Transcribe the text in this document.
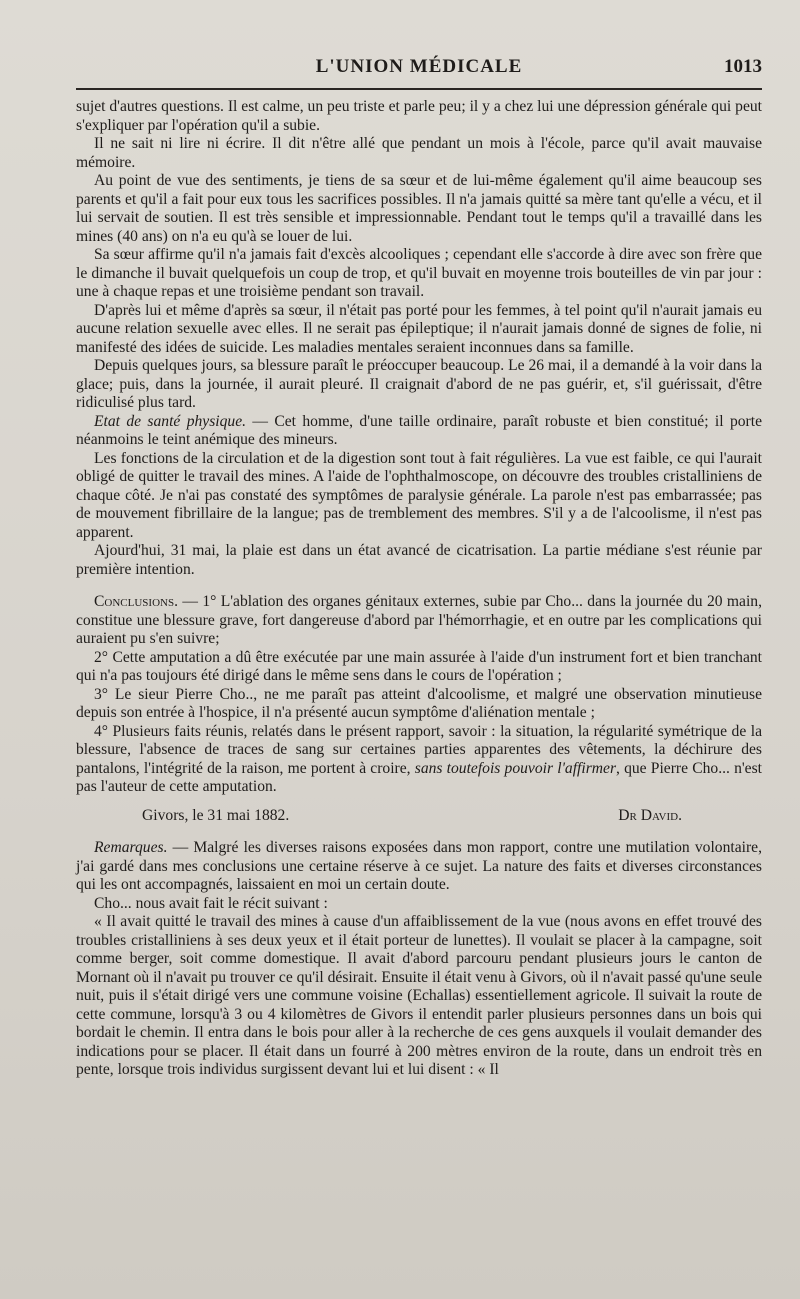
L'UNION MÉDICALE	1013

sujet d'autres questions. Il est calme, un peu triste et parle peu; il y a chez lui une dépression générale qui peut s'expliquer par l'opération qu'il a subie.

Il ne sait ni lire ni écrire. Il dit n'être allé que pendant un mois à l'école, parce qu'il avait mauvaise mémoire.

Au point de vue des sentiments, je tiens de sa sœur et de lui-même également qu'il aime beaucoup ses parents et qu'il a fait pour eux tous les sacrifices possibles. Il n'a jamais quitté sa mère tant qu'elle a vécu, et il lui servait de soutien. Il est très sensible et impressionnable. Pendant tout le temps qu'il a travaillé dans les mines (40 ans) on n'a eu qu'à se louer de lui.

Sa sœur affirme qu'il n'a jamais fait d'excès alcooliques ; cependant elle s'accorde à dire avec son frère que le dimanche il buvait quelquefois un coup de trop, et qu'il buvait en moyenne trois bouteilles de vin par jour : une à chaque repas et une troisième pendant son travail.

D'après lui et même d'après sa sœur, il n'était pas porté pour les femmes, à tel point qu'il n'aurait jamais eu aucune relation sexuelle avec elles. Il ne serait pas épileptique; il n'aurait jamais donné de signes de folie, ni manifesté des idées de suicide. Les maladies mentales seraient inconnues dans sa famille.

Depuis quelques jours, sa blessure paraît le préoccuper beaucoup. Le 26 mai, il a demandé à la voir dans la glace; puis, dans la journée, il aurait pleuré. Il craignait d'abord de ne pas guérir, et, s'il guérissait, d'être ridiculisé plus tard.

Etat de santé physique. — Cet homme, d'une taille ordinaire, paraît robuste et bien constitué; il porte néanmoins le teint anémique des mineurs.

Les fonctions de la circulation et de la digestion sont tout à fait régulières. La vue est faible, ce qui l'aurait obligé de quitter le travail des mines. A l'aide de l'ophthalmoscope, on découvre des troubles cristalliniens de chaque côté. Je n'ai pas constaté des symptômes de paralysie générale. La parole n'est pas embarrassée; pas de mouvement fibrillaire de la langue; pas de tremblement des membres. S'il y a de l'alcoolisme, il n'est pas apparent.

Ajourd'hui, 31 mai, la plaie est dans un état avancé de cicatrisation. La partie médiane s'est réunie par première intention.

Conclusions. — 1° L'ablation des organes génitaux externes, subie par Cho... dans la journée du 20 main, constitue une blessure grave, fort dangereuse d'abord par l'hémorrhagie, et en outre par les complications qui auraient pu s'en suivre;

2° Cette amputation a dû être exécutée par une main assurée à l'aide d'un instrument fort et bien tranchant qui n'a pas toujours été dirigé dans le même sens dans le cours de l'opération ;

3° Le sieur Pierre Cho.., ne me paraît pas atteint d'alcoolisme, et malgré une observation minutieuse depuis son entrée à l'hospice, il n'a présenté aucun symptôme d'aliénation mentale ;

4° Plusieurs faits réunis, relatés dans le présent rapport, savoir : la situation, la régularité symétrique de la blessure, l'absence de traces de sang sur certaines parties apparentes des vêtements, la déchirure des pantalons, l'intégrité de la raison, me portent à croire, sans toutefois pouvoir l'affirmer, que Pierre Cho... n'est pas l'auteur de cette amputation.

Givors, le 31 mai 1882.	Dr David.

Remarques. — Malgré les diverses raisons exposées dans mon rapport, contre une mutilation volontaire, j'ai gardé dans mes conclusions une certaine réserve à ce sujet. La nature des faits et diverses circonstances qui les ont accompagnés, laissaient en moi un certain doute.

Cho... nous avait fait le récit suivant :

« Il avait quitté le travail des mines à cause d'un affaiblissement de la vue (nous avons en effet trouvé des troubles cristalliniens à ses deux yeux et il était porteur de lunettes). Il voulait se placer à la campagne, soit comme berger, soit comme domestique. Il avait d'abord parcouru pendant plusieurs jours le canton de Mornant où il n'avait pu trouver ce qu'il désirait. Ensuite il était venu à Givors, où il n'avait passé qu'une seule nuit, puis il s'était dirigé vers une commune voisine (Echallas) essentiellement agricole. Il suivait la route de cette commune, lorsqu'à 3 ou 4 kilomètres de Givors il entendit parler plusieurs personnes dans un bois qui bordait le chemin. Il entra dans le bois pour aller à la recherche de ces gens auxquels il voulait demander des indications pour se placer. Il était dans un fourré à 200 mètres environ de la route, dans un endroit très en pente, lorsque trois individus surgissent devant lui et lui disent : « Il
